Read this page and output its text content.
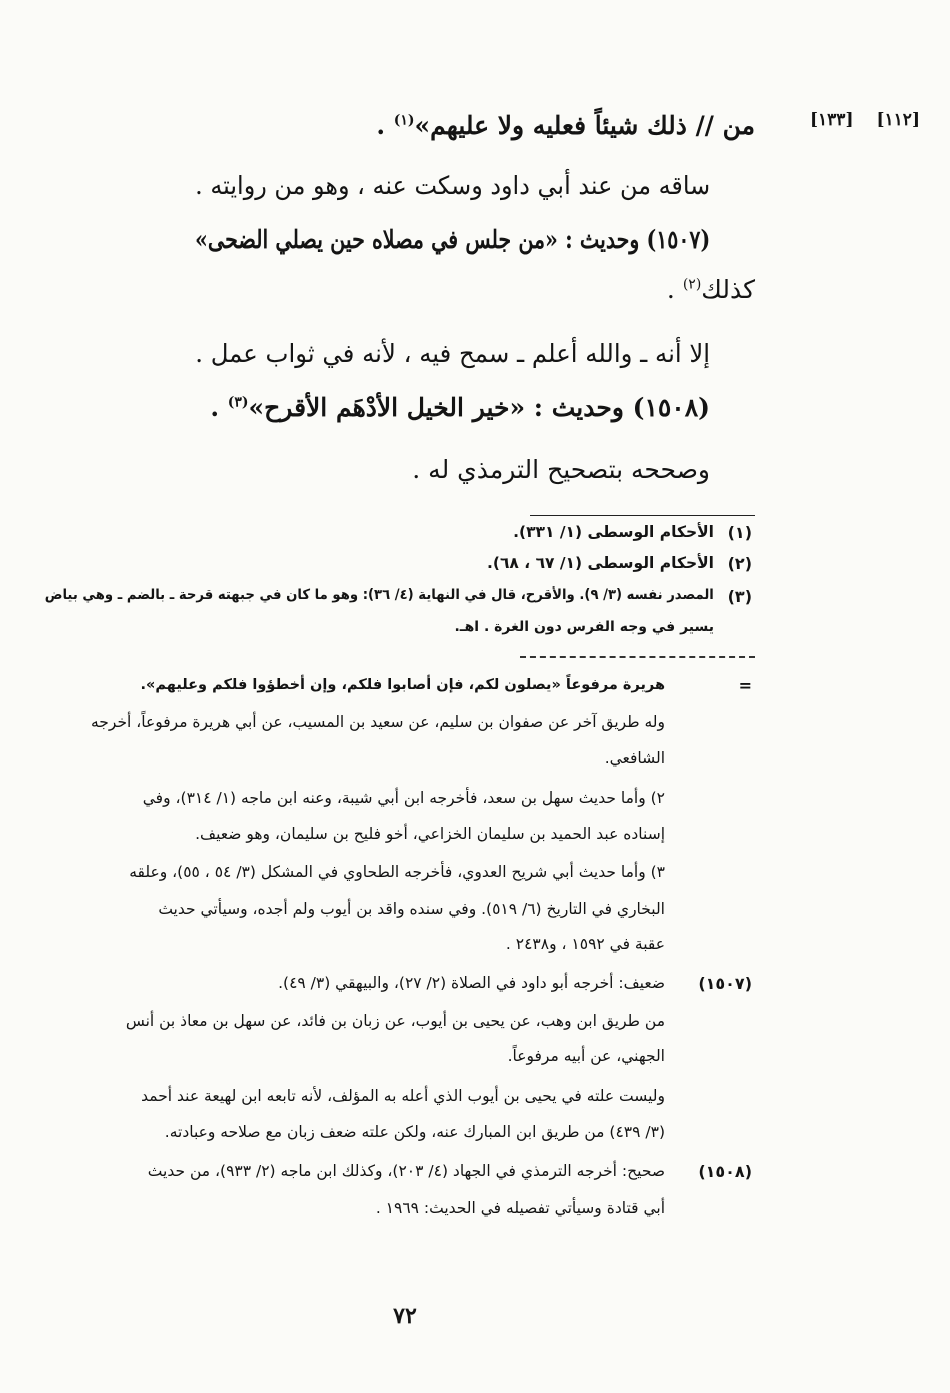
[١٣٣] [١١٢]
من // ذلك شيئاً فعليه ولا عليهم»$^{(١)}$ .
ساقه من عند أبي داود وسكت عنه ، وهو من روايته .
(١٥٠٧) وحديث : «من جلس في مصلاه حين يصلي الضحى»
كذلك$^{(٢)}$ .
إلا أنه ـ والله أعلم ـ سمح فيه ، لأنه في ثواب عمل .
(١٥٠٨) وحديث : «خير الخيل الأدْهَم الأقرح»$^{(٣)}$ .
وصححه بتصحيح الترمذي له .
(١)
الأحكام الوسطى (١/ ٣٣١).
(٢)
الأحكام الوسطى (١/ ٦٧ ، ٦٨).
(٣)
المصدر نفسه (٣/ ٩). والأقرح، قال في النهاية (٤/ ٣٦): وهو ما كان في جبهته قرحة ـ بالضم ـ وهي بياض
يسير في وجه الفرس دون الغرة . اهـ.
=
هريرة مرفوعاً «يصلون لكم، فإن أصابوا فلكم، وإن أخطؤوا فلكم وعليهم».
وله طريق آخر عن صفوان بن سليم، عن سعيد بن المسيب، عن أبي هريرة مرفوعاً، أخرجه
الشافعي.
٢) وأما حديث سهل بن سعد، فأخرجه ابن أبي شيبة، وعنه ابن ماجه (١/ ٣١٤)، وفي
إسناده عبد الحميد بن سليمان الخزاعي، أخو فليح بن سليمان، وهو ضعيف.
٣) وأما حديث أبي شريح العدوي، فأخرجه الطحاوي في المشكل (٣/ ٥٤ ، ٥٥)، وعلقه
البخاري في التاريخ (٦/ ٥١٩). وفي سنده واقد بن أيوب ولم أجده، وسيأتي حديث
عقبة في ١٥٩٢ ، و٢٤٣٨ .
(١٥٠٧)
ضعيف: أخرجه أبو داود في الصلاة (٢/ ٢٧)، والبيهقي (٣/ ٤٩).
من طريق ابن وهب، عن يحيى بن أيوب، عن زبان بن فائد، عن سهل بن معاذ بن أنس
الجهني، عن أبيه مرفوعاً.
وليست علته في يحيى بن أيوب الذي أعله به المؤلف، لأنه تابعه ابن لهيعة عند أحمد
(٣/ ٤٣٩) من طريق ابن المبارك عنه، ولكن علته ضعف زبان مع صلاحه وعبادته.
(١٥٠٨)
صحيح: أخرجه الترمذي في الجهاد (٤/ ٢٠٣)، وكذلك ابن ماجه (٢/ ٩٣٣)، من حديث
أبي قتادة وسيأتي تفصيله في الحديث: ١٩٦٩ .
٧٢
